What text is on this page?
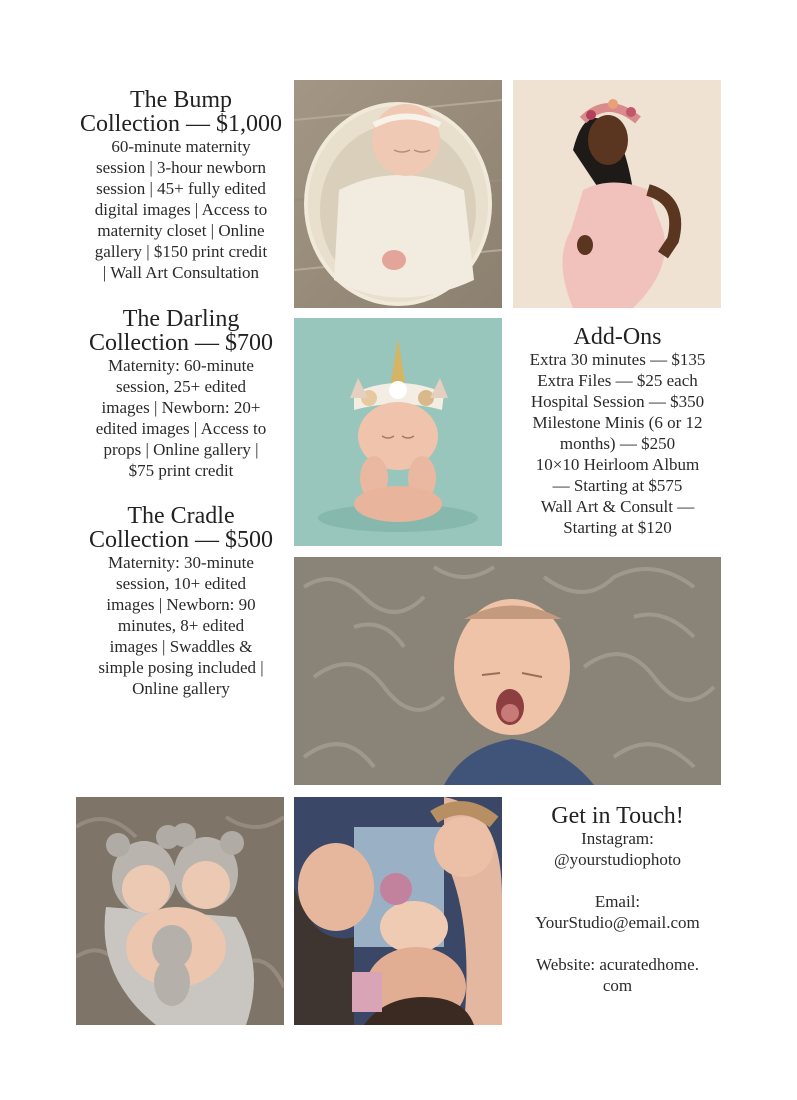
The Bump
Collection — $1,000

60-minute maternity
session | 3-hour newborn
session | 45+ fully edited
digital images | Access to
maternity closet | Online
gallery | $150 print credit
| Wall Art Consultation

The Darling
Collection — $700

Maternity: 60-minute
session, 25+ edited
images | Newborn: 20+
edited images | Access to
props | Online gallery |
$75 print credit

The Cradle
Collection — $500

Maternity: 30-minute
session, 10+ edited
images | Newborn: 90
minutes, 8+ edited
images | Swaddles &
simple posing included |
Online gallery

Add-Ons

Extra 30 minutes — $135
Extra Files — $25 each
Hospital Session — $350
Milestone Minis (6 or 12
months) — $250
10×10 Heirloom Album
— Starting at $575
Wall Art & Consult —
Starting at $120

Get in Touch!

Instagram:
@yourstudiophoto
Email:
YourStudio@email.com
Website: acuratedhome.
com
